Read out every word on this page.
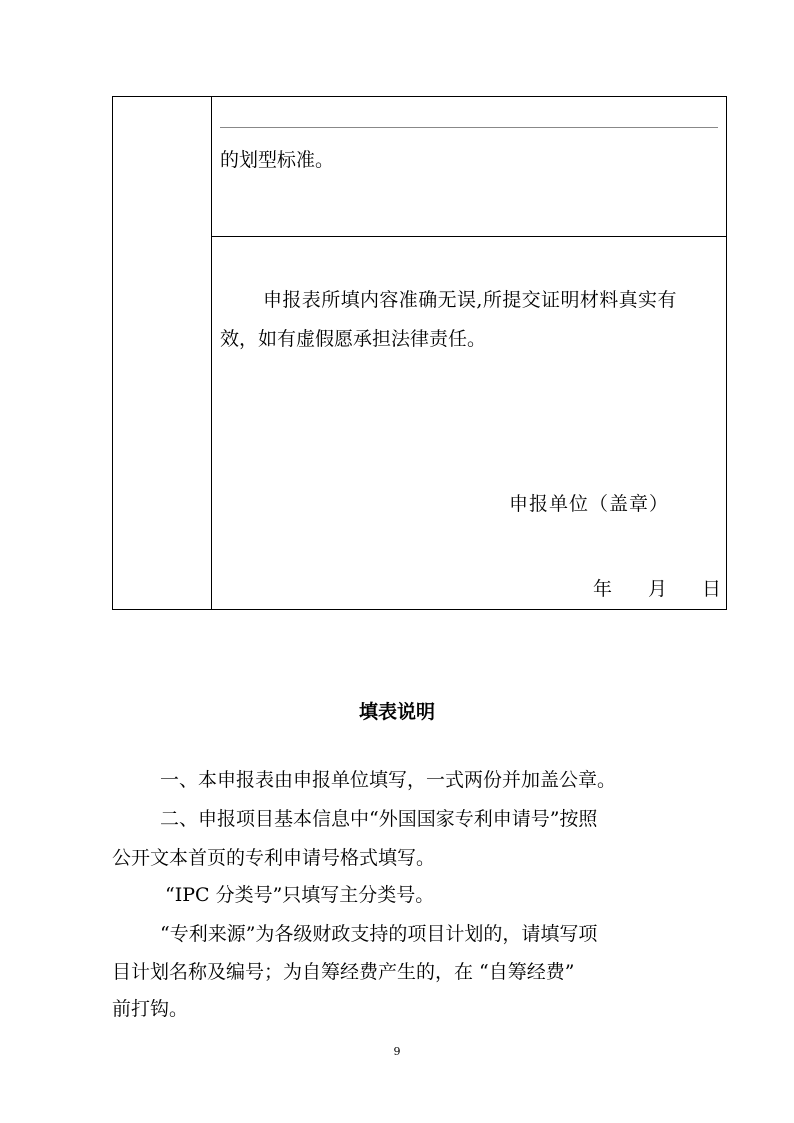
的划型标准。
申报表所填内容准确无误,所提交证明材料真实有
效，如有虚假愿承担法律责任。
申报单位（盖章）
年 月 日
填表说明
一、本申报表由申报单位填写，一式两份并加盖公章。
二、申报项目基本信息中“外国国家专利申请号”按照
公开文本首页的专利申请号格式填写。
“IPC 分类号”只填写主分类号。
“专利来源”为各级财政支持的项目计划的，请填写项
目计划名称及编号；为自筹经费产生的，在 “自筹经费”
前打钩。
9
